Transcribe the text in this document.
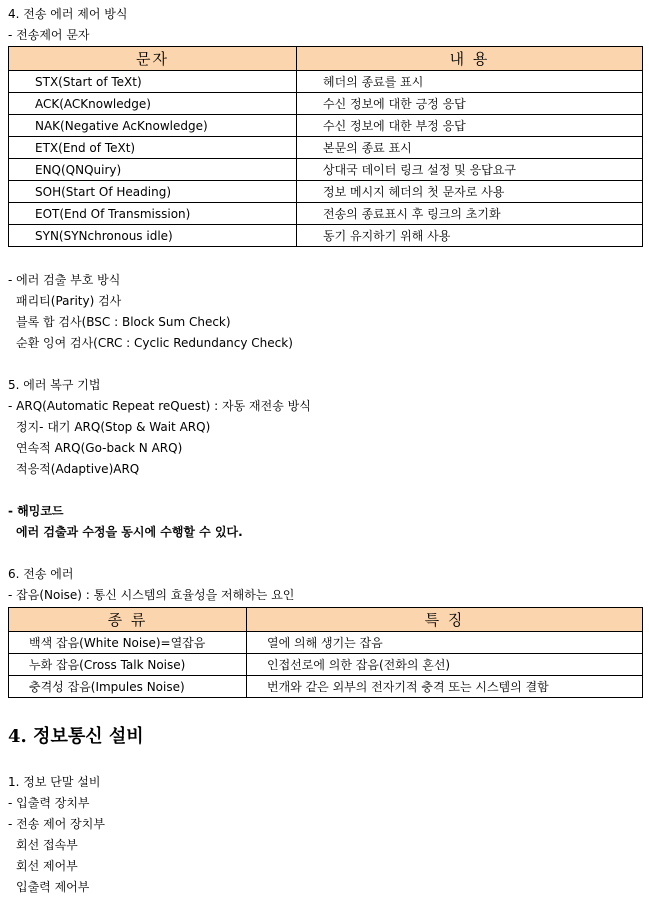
4. 전송 에러 제어 방식
- 전송제어 문자
문자	내 용
STX(Start of TeXt)	헤더의 종료를 표시
ACK(ACKnowledge)	수신 정보에 대한 긍정 응답
NAK(Negative AcKnowledge)	수신 정보에 대한 부정 응답
ETX(End of TeXt)	본문의 종료 표시
ENQ(QNQuiry)	상대국 데이터 링크 설정 및 응답요구
SOH(Start Of Heading)	정보 메시지 헤더의 첫 문자로 사용
EOT(End Of Transmission)	전송의 종료표시 후 링크의 초기화
SYN(SYNchronous idle)	동기 유지하기 위해 사용
- 에러 검출 부호 방식
패리티(Parity) 검사
블록 합 검사(BSC : Block Sum Check)
순환 잉여 검사(CRC : Cyclic Redundancy Check)
5. 에러 복구 기법
- ARQ(Automatic Repeat reQuest) : 자동 재전송 방식
정지- 대기 ARQ(Stop & Wait ARQ)
연속적 ARQ(Go-back N ARQ)
적응적(Adaptive)ARQ
- 해밍코드
에러 검출과 수정을 동시에 수행할 수 있다.
6. 전송 에러
- 잡음(Noise) : 통신 시스템의 효율성을 저해하는 요인
종 류	특 징
백색 잡음(White Noise)=열잡음	열에 의해 생기는 잡음
누화 잡음(Cross Talk Noise)	인접선로에 의한 잡음(전화의 혼선)
충격성 잡음(Impules Noise)	번개와 같은 외부의 전자기적 충격 또는 시스템의 결함
4. 정보통신 설비
1. 정보 단말 설비
- 입출력 장치부
- 전송 제어 장치부
회선 접속부
회선 제어부
입출력 제어부
